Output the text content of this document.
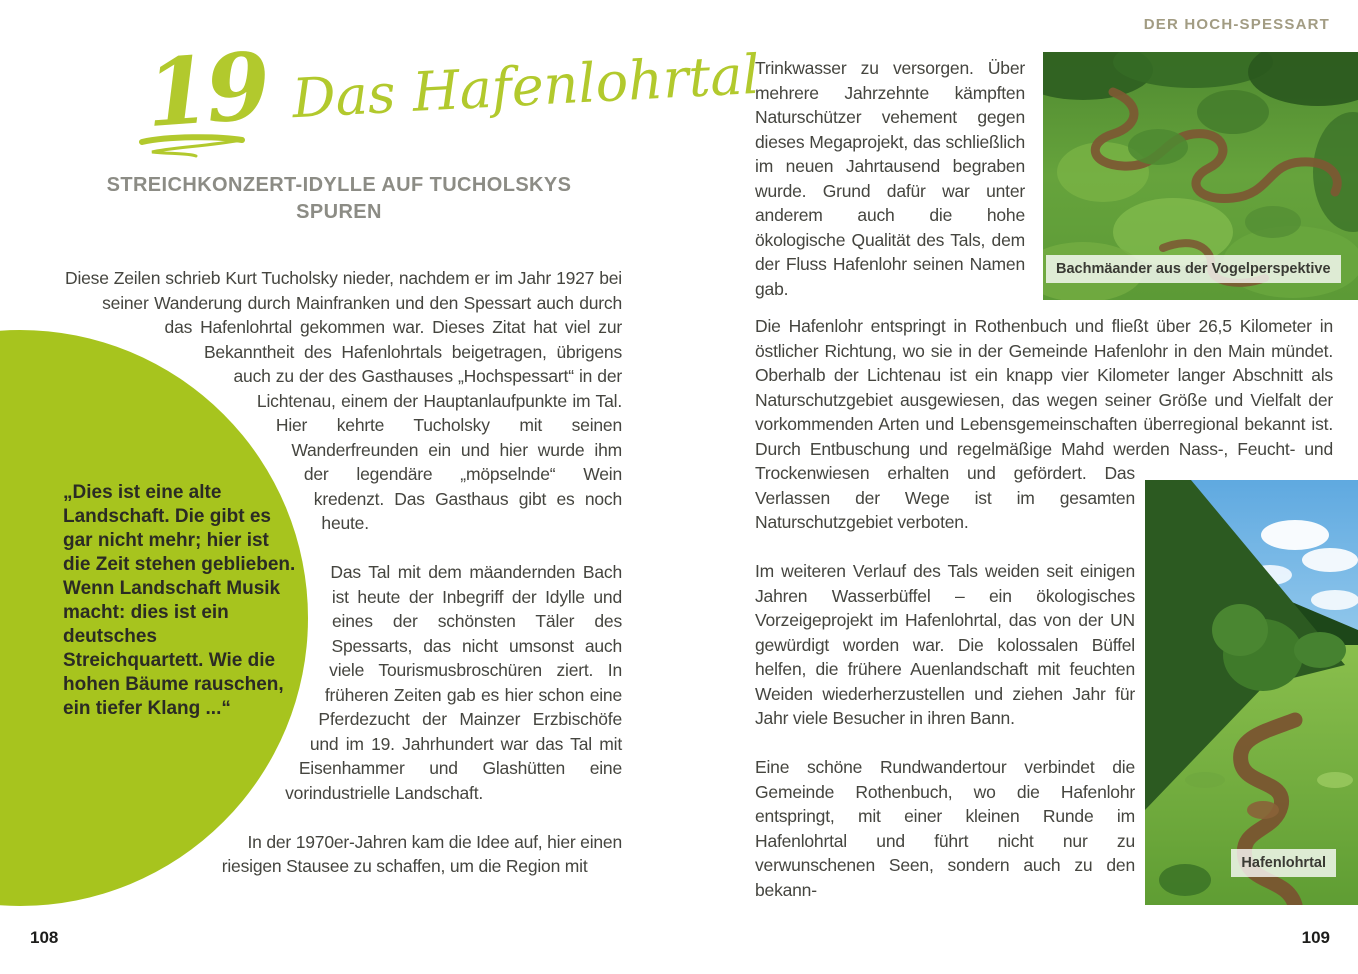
DER HOCH-SPESSART
19 Das Hafenlohrtal
STREICHKONZERT-IDYLLE AUF TUCHOLSKYS SPUREN

Diese Zeilen schrieb Kurt Tucholsky nieder, nachdem er im Jahr 1927 bei seiner Wanderung durch Mainfranken und den Spessart auch durch das Hafenlohrtal gekommen war. Dieses Zitat hat viel zur Bekanntheit des Hafenlohrtals beigetragen, übrigens auch zu der des Gasthauses „Hochspessart“ in der Lichtenau, einem der Hauptanlaufpunkte im Tal. Hier kehrte Tucholsky mit seinen Wanderfreunden ein und hier wurde ihm der legendäre „möpselnde“ Wein kredenzt. Das Gasthaus gibt es noch heute.

Das Tal mit dem mäandernden Bach ist heute der Inbegriff der Idylle und eines der schönsten Täler des Spessarts, das nicht umsonst auch viele Tourismusbroschüren ziert. In früheren Zeiten gab es hier schon eine Pferdezucht der Mainzer Erzbischöfe und im 19. Jahrhundert war das Tal mit Eisenhammer und Glashütten eine vorindustrielle Landschaft.

In der 1970er-Jahren kam die Idee auf, hier einen riesigen Stausee zu schaffen, um die Region mit

„Dies ist eine alte Landschaft. Die gibt es gar nicht mehr; hier ist die Zeit stehen geblieben. Wenn Landschaft Musik macht: dies ist ein deutsches Streichquartett. Wie die hohen Bäume rauschen, ein tiefer Klang ...“

Trinkwasser zu versorgen. Über mehrere Jahrzehnte kämpften Naturschützer vehement gegen dieses Megaprojekt, das schließlich im neuen Jahrtausend begraben wurde. Grund dafür war unter anderem auch die hohe ökologische Qualität des Tals, dem der Fluss Hafenlohr seinen Namen gab.

Die Hafenlohr entspringt in Rothenbuch und fließt über 26,5 Kilometer in östlicher Richtung, wo sie in der Gemeinde Hafenlohr in den Main mündet. Oberhalb der Lichtenau ist ein knapp vier Kilometer langer Abschnitt als Naturschutzgebiet ausgewiesen, das wegen seiner Größe und Vielfalt der vorkommenden Arten und Lebensgemeinschaften überregional bekannt ist. Durch Entbuschung und regelmäßige Mahd werden Nass-, Feucht- und Trockenwiesen erhalten und gefördert. Das Verlassen der Wege ist im gesamten Naturschutzgebiet verboten.

Im weiteren Verlauf des Tals weiden seit einigen Jahren Wasserbüffel – ein ökologisches Vorzeigeprojekt im Hafenlohrtal, das von der UN gewürdigt worden war. Die kolossalen Büffel helfen, die frühere Auenlandschaft mit feuchten Weiden wiederherzustellen und ziehen Jahr für Jahr viele Besucher in ihren Bann.

Eine schöne Rundwandertour verbindet die Gemeinde Rothenbuch, wo die Hafenlohr entspringt, mit einer kleinen Runde im Hafenlohrtal und führt nicht nur zu verwunschenen Seen, sondern auch zu den bekann-

Bachmäander aus der Vogelperspektive
Hafenlohrtal
108	109
